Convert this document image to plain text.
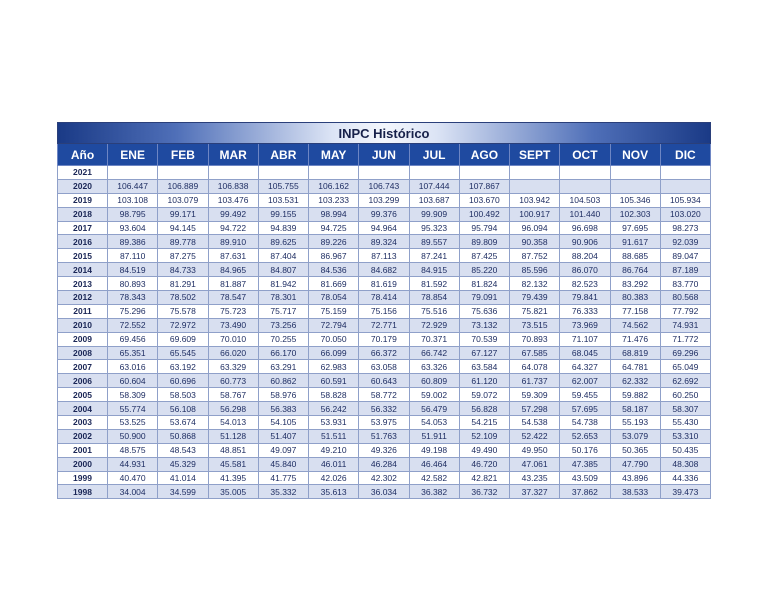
INPC Histórico												
Año	ENE	FEB	MAR	ABR	MAY	JUN	JUL	AGO	SEPT	OCT	NOV	DIC
2021												
2020	106.447	106.889	106.838	105.755	106.162	106.743	107.444	107.867				
2019	103.108	103.079	103.476	103.531	103.233	103.299	103.687	103.670	103.942	104.503	105.346	105.934
2018	98.795	99.171	99.492	99.155	98.994	99.376	99.909	100.492	100.917	101.440	102.303	103.020
2017	93.604	94.145	94.722	94.839	94.725	94.964	95.323	95.794	96.094	96.698	97.695	98.273
2016	89.386	89.778	89.910	89.625	89.226	89.324	89.557	89.809	90.358	90.906	91.617	92.039
2015	87.110	87.275	87.631	87.404	86.967	87.113	87.241	87.425	87.752	88.204	88.685	89.047
2014	84.519	84.733	84.965	84.807	84.536	84.682	84.915	85.220	85.596	86.070	86.764	87.189
2013	80.893	81.291	81.887	81.942	81.669	81.619	81.592	81.824	82.132	82.523	83.292	83.770
2012	78.343	78.502	78.547	78.301	78.054	78.414	78.854	79.091	79.439	79.841	80.383	80.568
2011	75.296	75.578	75.723	75.717	75.159	75.156	75.516	75.636	75.821	76.333	77.158	77.792
2010	72.552	72.972	73.490	73.256	72.794	72.771	72.929	73.132	73.515	73.969	74.562	74.931
2009	69.456	69.609	70.010	70.255	70.050	70.179	70.371	70.539	70.893	71.107	71.476	71.772
2008	65.351	65.545	66.020	66.170	66.099	66.372	66.742	67.127	67.585	68.045	68.819	69.296
2007	63.016	63.192	63.329	63.291	62.983	63.058	63.326	63.584	64.078	64.327	64.781	65.049
2006	60.604	60.696	60.773	60.862	60.591	60.643	60.809	61.120	61.737	62.007	62.332	62.692
2005	58.309	58.503	58.767	58.976	58.828	58.772	59.002	59.072	59.309	59.455	59.882	60.250
2004	55.774	56.108	56.298	56.383	56.242	56.332	56.479	56.828	57.298	57.695	58.187	58.307
2003	53.525	53.674	54.013	54.105	53.931	53.975	54.053	54.215	54.538	54.738	55.193	55.430
2002	50.900	50.868	51.128	51.407	51.511	51.763	51.911	52.109	52.422	52.653	53.079	53.310
2001	48.575	48.543	48.851	49.097	49.210	49.326	49.198	49.490	49.950	50.176	50.365	50.435
2000	44.931	45.329	45.581	45.840	46.011	46.284	46.464	46.720	47.061	47.385	47.790	48.308
1999	40.470	41.014	41.395	41.775	42.026	42.302	42.582	42.821	43.235	43.509	43.896	44.336
1998	34.004	34.599	35.005	35.332	35.613	36.034	36.382	36.732	37.327	37.862	38.533	39.473
